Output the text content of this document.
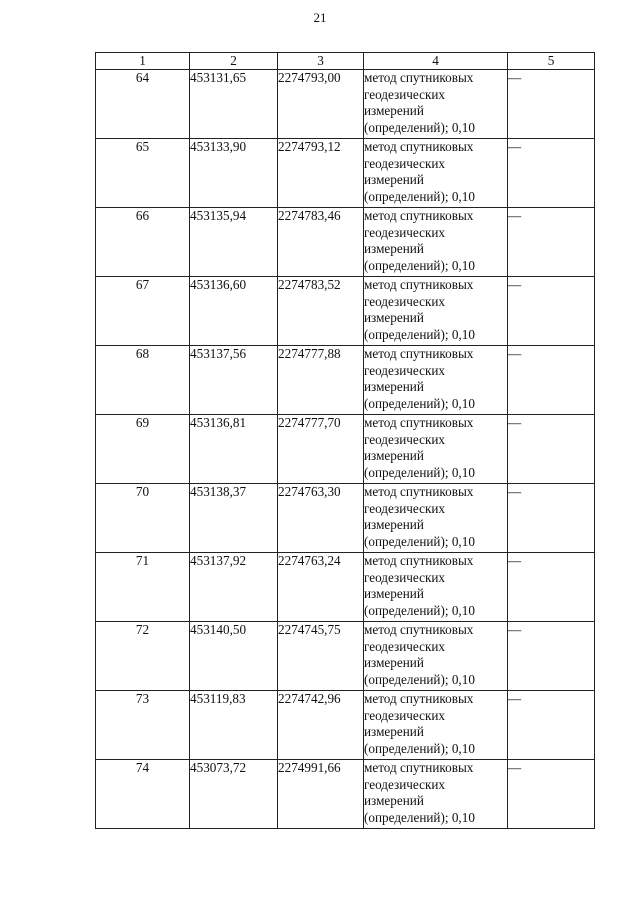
21
1	2	3	4	5
64	453131,65	2274793,00	метод спутниковых
геодезических
измерений
(определений); 0,10	—

65	453133,90	2274793,12	метод спутниковых
геодезических
измерений
(определений); 0,10	—

66	453135,94	2274783,46	метод спутниковых
геодезических
измерений
(определений); 0,10	—

67	453136,60	2274783,52	метод спутниковых
геодезических
измерений
(определений); 0,10	—

68	453137,56	2274777,88	метод спутниковых
геодезических
измерений
(определений); 0,10	—

69	453136,81	2274777,70	метод спутниковых
геодезических
измерений
(определений); 0,10	—

70	453138,37	2274763,30	метод спутниковых
геодезических
измерений
(определений); 0,10	—

71	453137,92	2274763,24	метод спутниковых
геодезических
измерений
(определений); 0,10	—

72	453140,50	2274745,75	метод спутниковых
геодезических
измерений
(определений); 0,10	—

73	453119,83	2274742,96	метод спутниковых
геодезических
измерений
(определений); 0,10	—

74	453073,72	2274991,66	метод спутниковых
геодезических
измерений
(определений); 0,10	—
